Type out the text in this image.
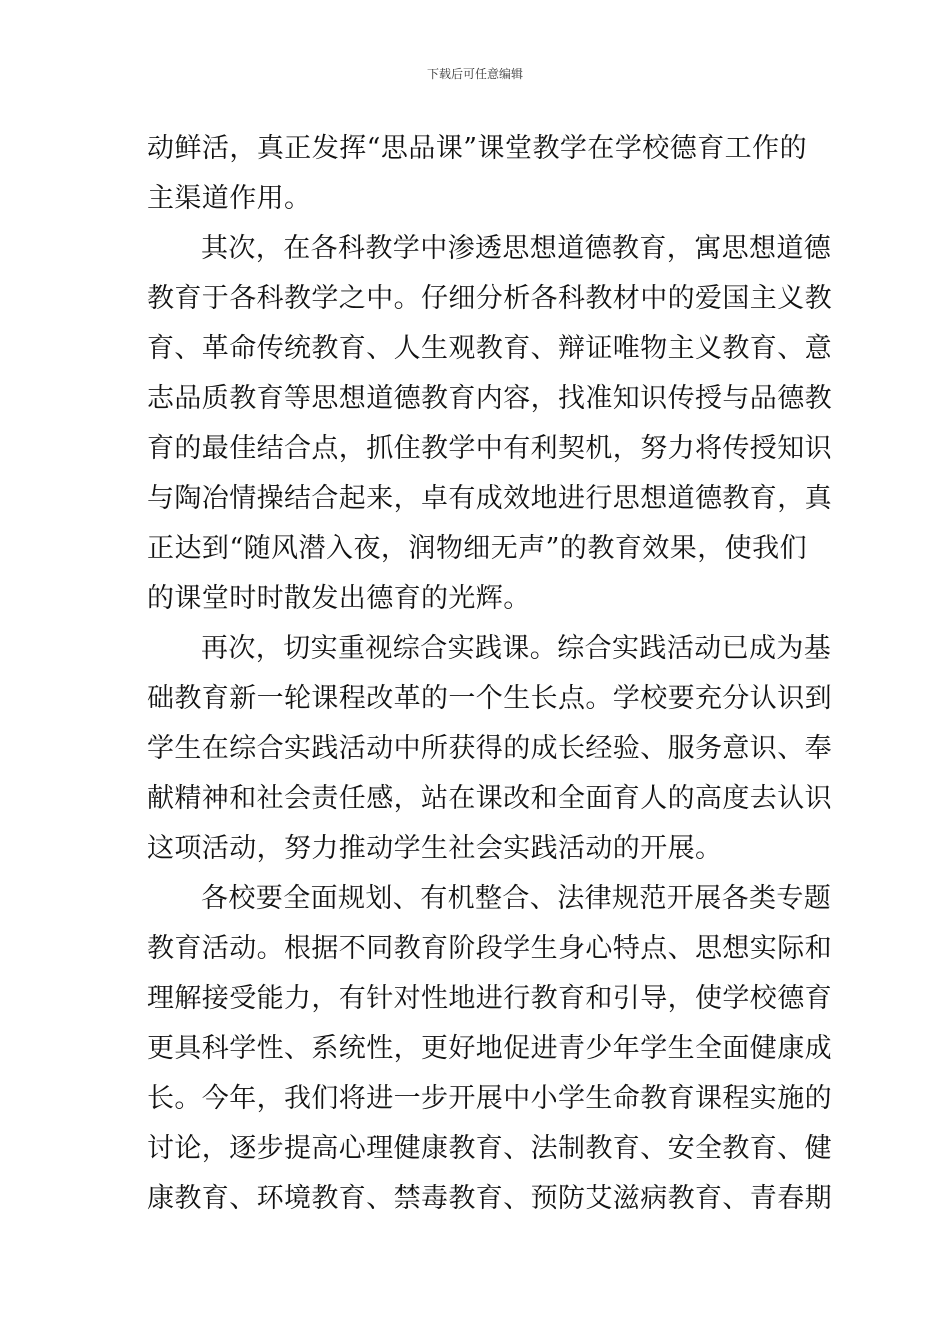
下载后可任意编辑
动鲜活，真正发挥“思品课”课堂教学在学校德育工作的
主渠道作用。
其次，在各科教学中渗透思想道德教育，寓思想道德
教育于各科教学之中。仔细分析各科教材中的爱国主义教
育、革命传统教育、人生观教育、辩证唯物主义教育、意
志品质教育等思想道德教育内容，找准知识传授与品德教
育的最佳结合点，抓住教学中有利契机，努力将传授知识
与陶冶情操结合起来，卓有成效地进行思想道德教育，真
正达到“随风潜入夜，润物细无声”的教育效果，使我们
的课堂时时散发出德育的光辉。
再次，切实重视综合实践课。综合实践活动已成为基
础教育新一轮课程改革的一个生长点。学校要充分认识到
学生在综合实践活动中所获得的成长经验、服务意识、奉
献精神和社会责任感，站在课改和全面育人的高度去认识
这项活动，努力推动学生社会实践活动的开展。
各校要全面规划、有机整合、法律规范开展各类专题
教育活动。根据不同教育阶段学生身心特点、思想实际和
理解接受能力，有针对性地进行教育和引导，使学校德育
更具科学性、系统性，更好地促进青少年学生全面健康成
长。今年，我们将进一步开展中小学生命教育课程实施的
讨论，逐步提高心理健康教育、法制教育、安全教育、健
康教育、环境教育、禁毒教育、预防艾滋病教育、青春期
